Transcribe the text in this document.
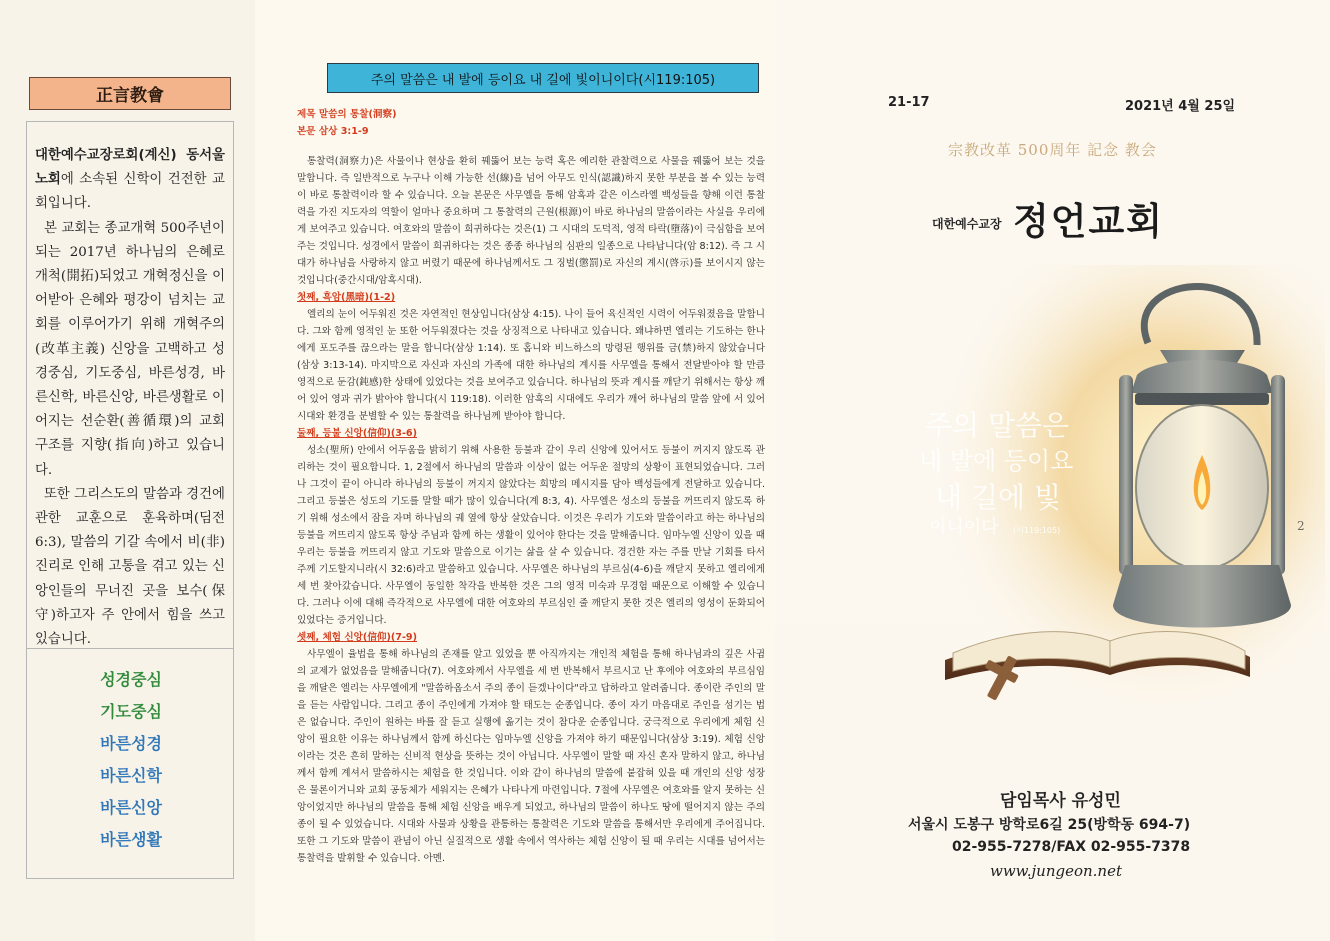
正言教會

대한예수교장로회(계신) 동서울 노회에 소속된 신학이 건전한 교회입니다.

본 교회는 종교개혁 500주년이 되는 2017년 하나님의 은혜로 개척(開拓)되었고 개혁정신을 이어받아 은혜와 평강이 넘치는 교회를 이루어가기 위해 개혁주의(改革主義) 신앙을 고백하고 성경중심, 기도중심, 바른성경, 바른신학, 바른신앙, 바른생활로 이어지는 선순환(善循環)의 교회 구조를 지향(指向)하고 있습니다.

또한 그리스도의 말씀과 경건에 관한 교훈으로 훈육하며(딤전 6:3), 말씀의 기갈 속에서 비(非) 진리로 인해 고통을 겪고 있는 신앙인들의 무너진 곳을 보수(保守)하고자 주 안에서 힘을 쓰고 있습니다.

성경중심
기도중심
바른성경
바른신학
바른신앙
바른생활
주의 말씀은 내 발에 등이요 내 길에 빛이니이다(시119:105)

제목 말씀의 통찰(洞察)

본문 삼상 3:1-9

통찰력(洞察力)은 사물이나 현상을 환히 꿰뚫어 보는 능력 혹은 예리한 관찰력으로 사물을 꿰뚫어 보는 것을 말합니다. 즉 일반적으로 누구나 이해 가능한 선(線)을 넘어 아무도 인식(認識)하지 못한 부분을 볼 수 있는 능력이 바로 통찰력이라 할 수 있습니다. 오늘 본문은 사무엘을 통해 암흑과 같은 이스라엘 백성들을 향해 이런 통찰력을 가진 지도자의 역할이 얼마나 중요하며 그 통찰력의 근원(根源)이 바로 하나님의 말씀이라는 사실을 우리에게 보여주고 있습니다. 여호와의 말씀이 희귀하다는 것은(1) 그 시대의 도덕적, 영적 타락(墮落)이 극심함을 보여주는 것입니다. 성경에서 말씀이 희귀하다는 것은 종종 하나님의 심판의 일종으로 나타납니다(암 8:12). 즉 그 시대가 하나님을 사랑하지 않고 버렸기 때문에 하나님께서도 그 징벌(懲罰)로 자신의 계시(啓示)를 보이시지 않는 것입니다(중간시대/암흑시대).

첫째, 흑암(黑暗)(1-2)

엘리의 눈이 어두워진 것은 자연적인 현상입니다(삼상 4:15). 나이 들어 육신적인 시력이 어두워졌음을 말합니다. 그와 함께 영적인 눈 또한 어두워졌다는 것을 상징적으로 나타내고 있습니다. 왜냐하면 엘리는 기도하는 한나에게 포도주를 끊으라는 말을 합니다(삼상 1:14). 또 홉니와 비느하스의 망령된 행위를 금(禁)하지 않았습니다(삼상 3:13-14). 마지막으로 자신과 자신의 가족에 대한 하나님의 계시를 사무엘을 통해서 전달받아야 할 만큼 영적으로 둔감(鈍感)한 상태에 있었다는 것을 보여주고 있습니다. 하나님의 뜻과 계시를 깨닫기 위해서는 항상 깨어 있어 영과 귀가 밝아야 합니다(시 119:18). 이러한 암흑의 시대에도 우리가 깨어 하나님의 말씀 앞에 서 있어 시대와 환경을 분별할 수 있는 통찰력을 하나님께 받아야 합니다.

둘째, 등불 신앙(信仰)(3-6)

성소(聖所) 안에서 어두움을 밝히기 위해 사용한 등불과 같이 우리 신앙에 있어서도 등불이 꺼지지 않도록 관리하는 것이 필요합니다. 1, 2절에서 하나님의 말씀과 이상이 없는 어두운 절망의 상황이 표현되었습니다. 그러나 그것이 끝이 아니라 하나님의 등불이 꺼지지 않았다는 희망의 메시지를 담아 백성들에게 전달하고 있습니다. 그리고 등불은 성도의 기도를 말할 때가 많이 있습니다(계 8:3, 4). 사무엘은 성소의 등불을 꺼뜨리지 않도록 하기 위해 성소에서 잠을 자며 하나님의 궤 옆에 항상 살았습니다. 이것은 우리가 기도와 말씀이라고 하는 하나님의 등불을 꺼뜨리지 않도록 항상 주님과 함께 하는 생활이 있어야 한다는 것을 말해줍니다. 임마누엘 신앙이 있을 때 우리는 등불을 꺼뜨리지 않고 기도와 말씀으로 이기는 삶을 살 수 있습니다. 경건한 자는 주를 만날 기회를 타서 주께 기도할지니라(시 32:6)라고 말씀하고 있습니다. 사무엘은 하나님의 부르심(4-6)을 깨닫지 못하고 엘리에게 세 번 찾아갔습니다. 사무엘이 동일한 착각을 반복한 것은 그의 영적 미숙과 무경험 때문으로 이해할 수 있습니다. 그러나 이에 대해 즉각적으로 사무엘에 대한 여호와의 부르심인 줄 깨닫지 못한 것은 엘리의 영성이 둔화되어 있었다는 증거입니다.

셋째, 체험 신앙(信仰)(7-9)

사무엘이 율법을 통해 하나님의 존재를 알고 있었을 뿐 아직까지는 개인적 체험을 통해 하나님과의 깊은 사귐의 교제가 없었음을 말해줍니다(7). 여호와께서 사무엘을 세 번 반복해서 부르시고 난 후에야 여호와의 부르심임을 깨달은 엘리는 사무엘에게 "말씀하옵소서 주의 종이 듣겠나이다"라고 답하라고 알려줍니다. 종이란 주인의 말을 듣는 사람입니다. 그리고 종이 주인에게 가져야 할 태도는 순종입니다. 종이 자기 마음대로 주인을 섬기는 법은 없습니다. 주인이 원하는 바를 잘 듣고 실행에 옮기는 것이 참다운 순종입니다. 궁극적으로 우리에게 체험 신앙이 필요한 이유는 하나님께서 함께 하신다는 임마누엘 신앙을 가져야 하기 때문입니다(삼상 3:19). 체험 신앙이라는 것은 흔히 말하는 신비적 현상을 뜻하는 것이 아닙니다. 사무엘이 말할 때 자신 혼자 말하지 않고, 하나님께서 함께 계셔서 말씀하시는 체험을 한 것입니다. 이와 같이 하나님의 말씀에 붙잡혀 있을 때 개인의 신앙 성장은 물론이거니와 교회 공동체가 세워지는 은혜가 나타나게 마련입니다. 7절에 사무엘은 여호와를 알지 못하는 신앙이었지만 하나님의 말씀을 통해 체험 신앙을 배우게 되었고, 하나님의 말씀이 하나도 땅에 떨어지지 않는 주의 종이 될 수 있었습니다. 시대와 사물과 상황을 관통하는 통찰력은 기도와 말씀을 통해서만 우리에게 주어집니다. 또한 그 기도와 말씀이 관념이 아닌 실질적으로 생활 속에서 역사하는 체험 신앙이 될 때 우리는 시대를 넘어서는 통찰력을 발휘할 수 있습니다. 아멘.

21-17	2021년 4월 25일
宗教改革 500周年 記念 教会
대한예수교장 정언교회
2
주의 말씀은
내 발에 등이요
내 길에 빛
이니이다 (시119:105)
담임목사 유성민
서울시 도봉구 방학로6길 25(방학동 694-7)
02-955-7278/FAX 02-955-7378
www.jungeon.net
